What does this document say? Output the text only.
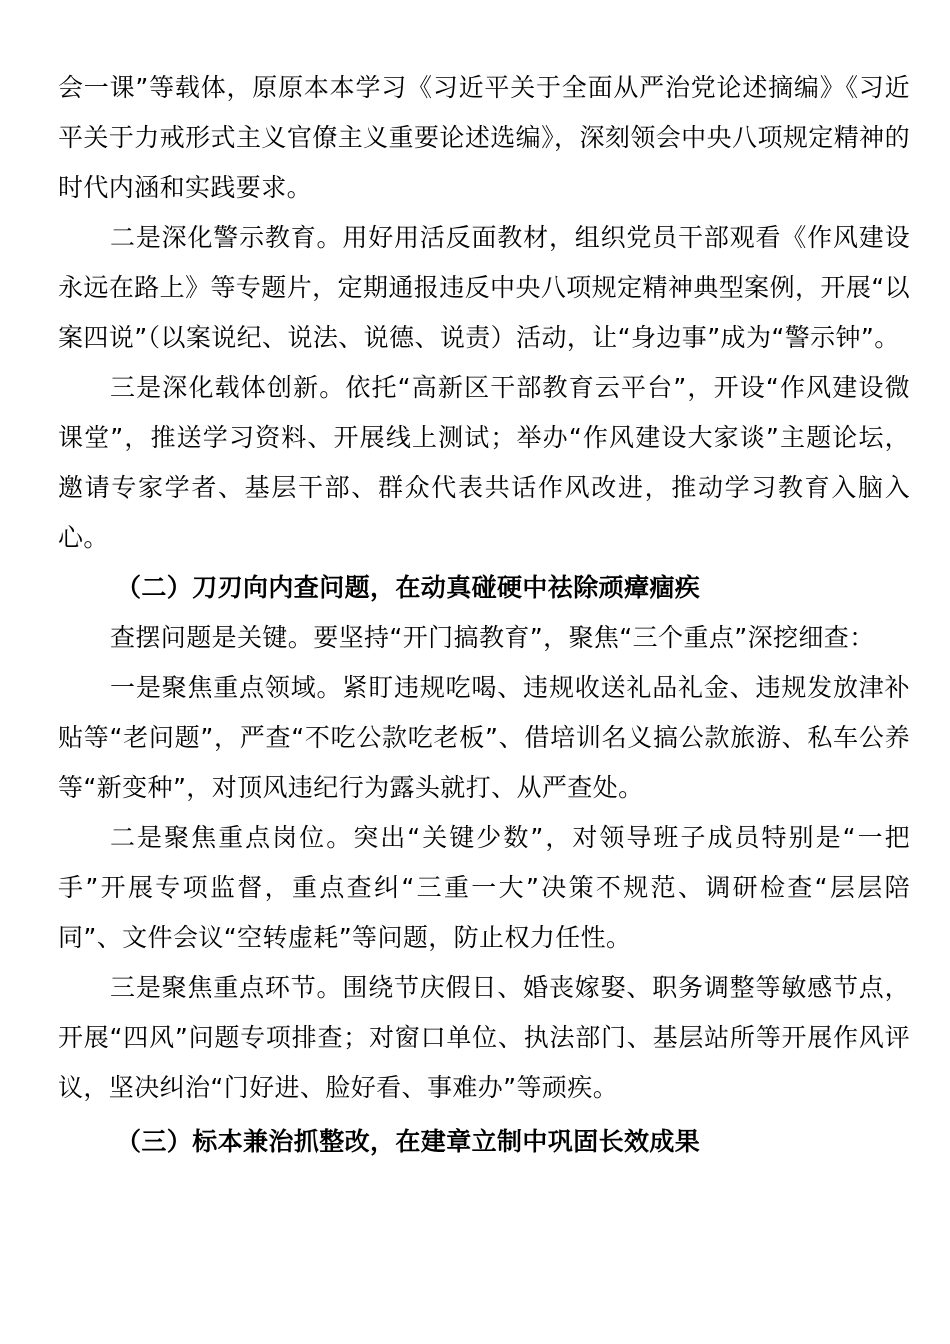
会一课”等载体，原原本本学习《习近平关于全面从严治党论述摘编》《习近平关于力戒形式主义官僚主义重要论述选编》，深刻领会中央八项规定精神的时代内涵和实践要求。

二是深化警示教育。用好用活反面教材，组织党员干部观看《作风建设永远在路上》等专题片，定期通报违反中央八项规定精神典型案例，开展“以案四说”（以案说纪、说法、说德、说责）活动，让“身边事”成为“警示钟”。

三是深化载体创新。依托“高新区干部教育云平台”，开设“作风建设微课堂”，推送学习资料、开展线上测试；举办“作风建设大家谈”主题论坛，邀请专家学者、基层干部、群众代表共话作风改进，推动学习教育入脑入心。

（二）刀刃向内查问题，在动真碰硬中祛除顽瘴痼疾

查摆问题是关键。要坚持“开门搞教育”，聚焦“三个重点”深挖细查：

一是聚焦重点领域。紧盯违规吃喝、违规收送礼品礼金、违规发放津补贴等“老问题”，严查“不吃公款吃老板”、借培训名义搞公款旅游、私车公养等“新变种”，对顶风违纪行为露头就打、从严查处。

二是聚焦重点岗位。突出“关键少数”，对领导班子成员特别是“一把手”开展专项监督，重点查纠“三重一大”决策不规范、调研检查“层层陪同”、文件会议“空转虚耗”等问题，防止权力任性。

三是聚焦重点环节。围绕节庆假日、婚丧嫁娶、职务调整等敏感节点，开展“四风”问题专项排查；对窗口单位、执法部门、基层站所等开展作风评议，坚决纠治“门好进、脸好看、事难办”等顽疾。

（三）标本兼治抓整改，在建章立制中巩固长效成果
